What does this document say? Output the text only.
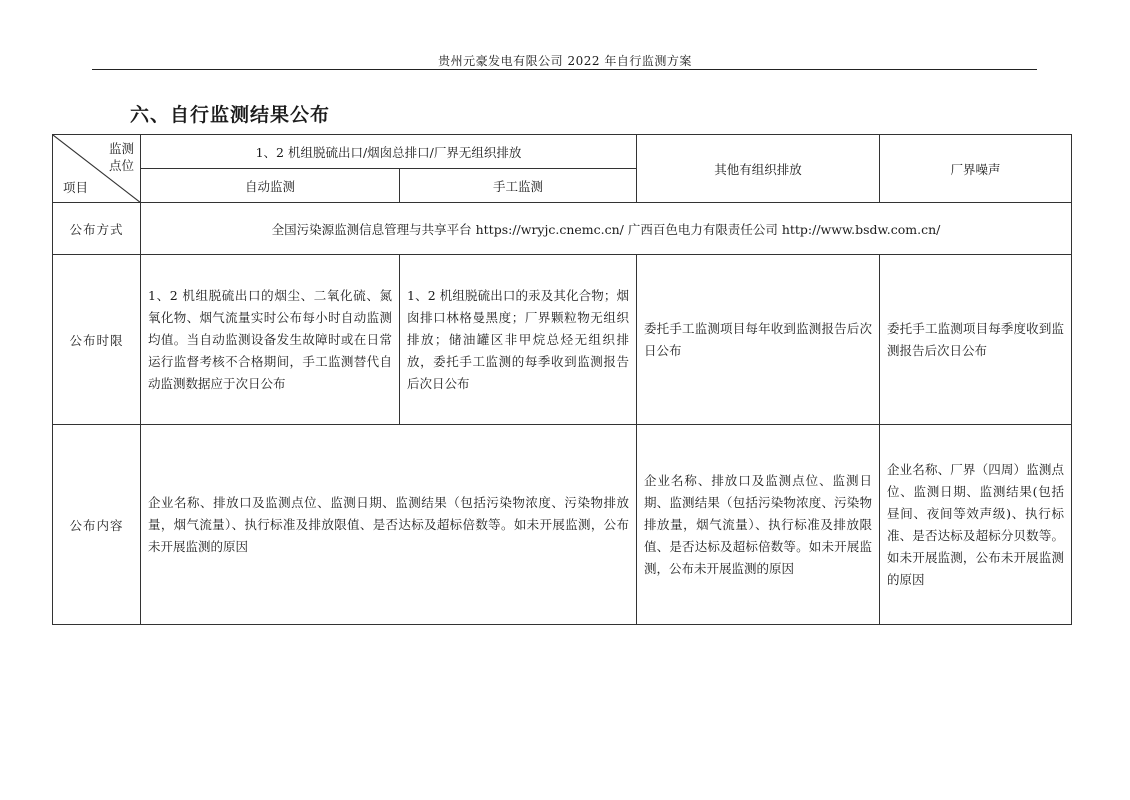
贵州元豪发电有限公司 2022 年自行监测方案
六、自行监测结果公布
监测
点位
项目	1、2 机组脱硫出口/烟囱总排口/厂界无组织排放		其他有组织排放	厂界噪声
	自动监测	手工监测		
公布方式	全国污染源监测信息管理与共享平台 https://wryjc.cnemc.cn/ 广西百色电力有限责任公司 http://www.bsdw.com.cn/			
公布时限	1、2 机组脱硫出口的烟尘、二氧化硫、氮氧化物、烟气流量实时公布每小时自动监测均值。当自动监测设备发生故障时或在日常运行监督考核不合格期间，手工监测替代自动监测数据应于次日公布	1、2 机组脱硫出口的汞及其化合物；烟囱排口林格曼黑度；厂界颗粒物无组织排放；储油罐区非甲烷总烃无组织排放，委托手工监测的每季收到监测报告后次日公布	委托手工监测项目每年收到监测报告后次日公布	委托手工监测项目每季度收到监测报告后次日公布
公布内容	企业名称、排放口及监测点位、监测日期、监测结果（包括污染物浓度、污染物排放量，烟气流量）、执行标准及排放限值、是否达标及超标倍数等。如未开展监测，公布未开展监测的原因		企业名称、排放口及监测点位、监测日期、监测结果（包括污染物浓度、污染物排放量，烟气流量）、执行标准及排放限值、是否达标及超标倍数等。如未开展监测，公布未开展监测的原因	企业名称、厂界（四周）监测点位、监测日期、监测结果(包括昼间、夜间等效声级)、执行标准、是否达标及超标分贝数等。如未开展监测，公布未开展监测的原因
